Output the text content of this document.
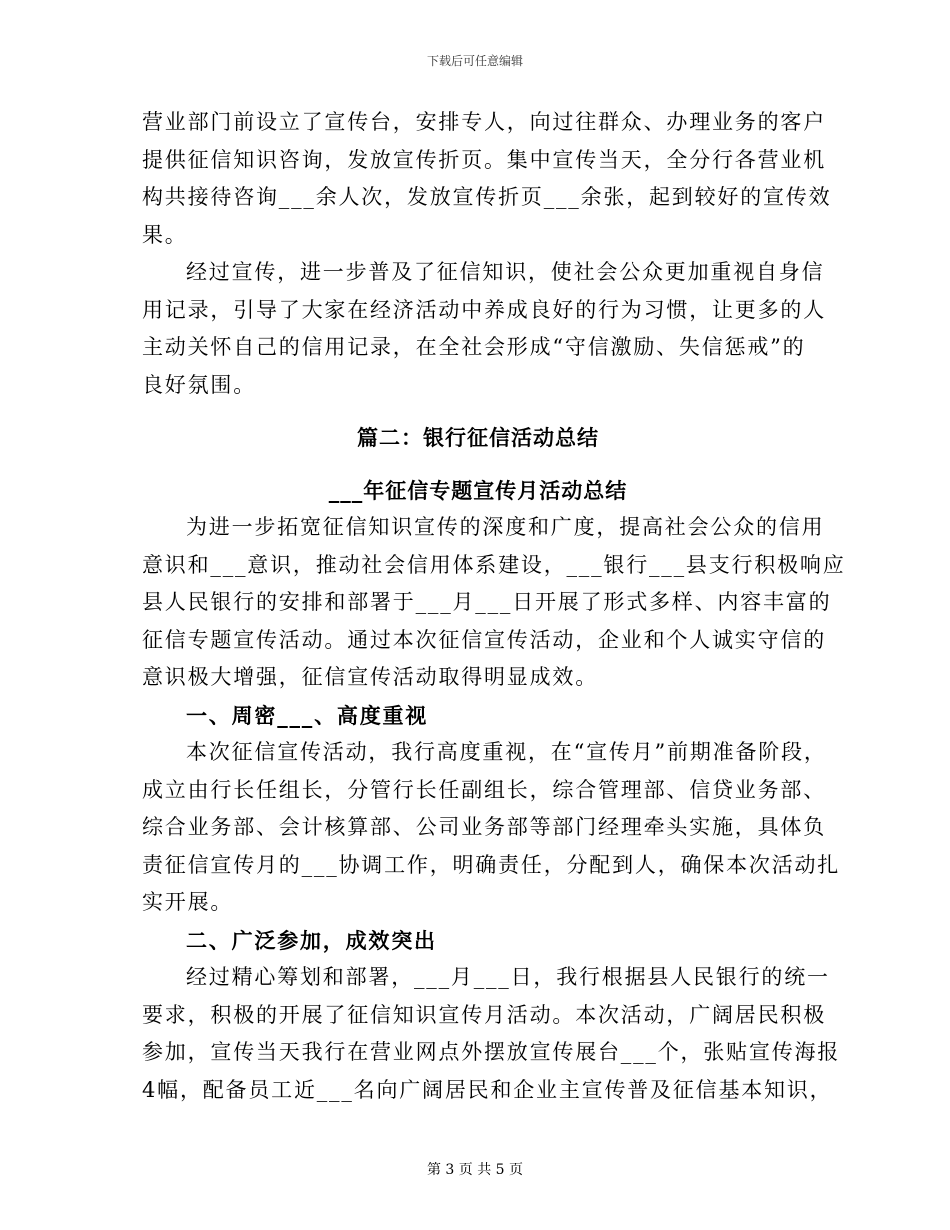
下载后可任意编辑
营业部门前设立了宣传台，安排专人，向过往群众、办理业务的客户
提供征信知识咨询，发放宣传折页。集中宣传当天，全分行各营业机
构共接待咨询___余人次，发放宣传折页___余张，起到较好的宣传效
果。
经过宣传，进一步普及了征信知识，使社会公众更加重视自身信
用记录，引导了大家在经济活动中养成良好的行为习惯，让更多的人
主动关怀自己的信用记录，在全社会形成“守信激励、失信惩戒”的
良好氛围。
篇二：银行征信活动总结
___年征信专题宣传月活动总结
为进一步拓宽征信知识宣传的深度和广度，提高社会公众的信用
意识和___意识，推动社会信用体系建设，___银行___县支行积极响应
县人民银行的安排和部署于___月___日开展了形式多样、内容丰富的
征信专题宣传活动。通过本次征信宣传活动，企业和个人诚实守信的
意识极大增强，征信宣传活动取得明显成效。
一、周密___、高度重视
本次征信宣传活动，我行高度重视，在“宣传月”前期准备阶段，
成立由行长任组长，分管行长任副组长，综合管理部、信贷业务部、
综合业务部、会计核算部、公司业务部等部门经理牵头实施，具体负
责征信宣传月的___协调工作，明确责任，分配到人，确保本次活动扎
实开展。
二、广泛参加，成效突出
经过精心筹划和部署，___月___日，我行根据县人民银行的统一
要求，积极的开展了征信知识宣传月活动。本次活动，广阔居民积极
参加，宣传当天我行在营业网点外摆放宣传展台___个，张贴宣传海报
4幅，配备员工近___名向广阔居民和企业主宣传普及征信基本知识，
第 3 页 共 5 页
